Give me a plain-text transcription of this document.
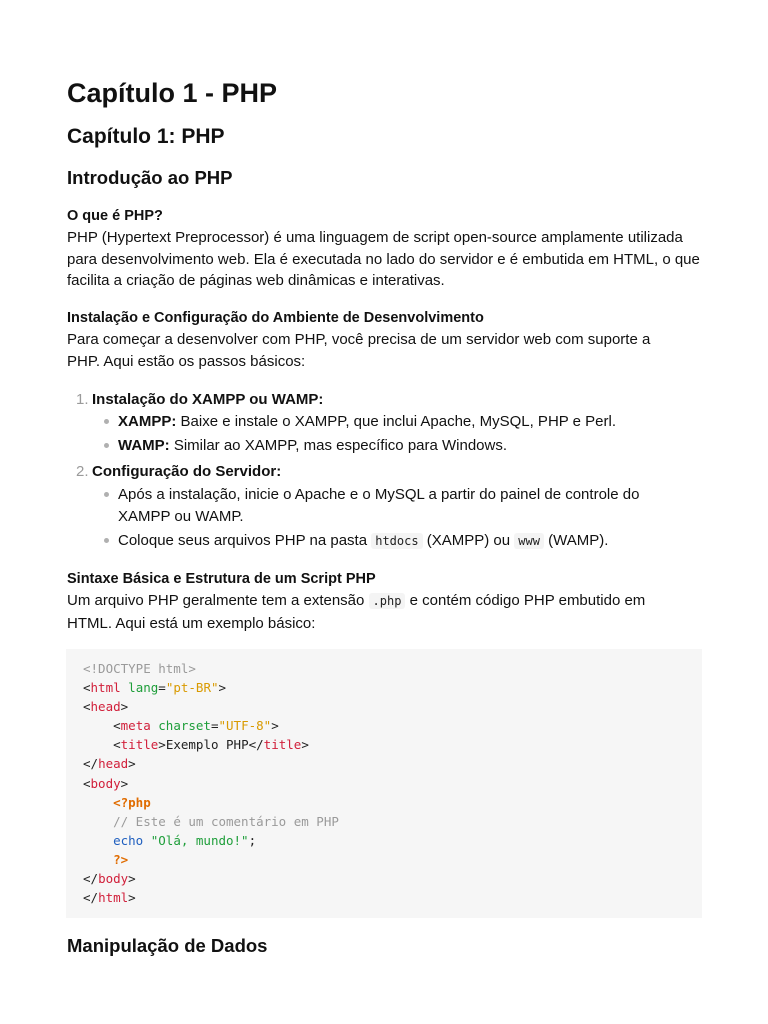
Capítulo 1 - PHP
Capítulo 1: PHP
Introdução ao PHP
O que é PHP?
PHP (Hypertext Preprocessor) é uma linguagem de script open-source amplamente utilizada para desenvolvimento web. Ela é executada no lado do servidor e é embutida em HTML, o que facilita a criação de páginas web dinâmicas e interativas.
Instalação e Configuração do Ambiente de Desenvolvimento
Para começar a desenvolver com PHP, você precisa de um servidor web com suporte a PHP. Aqui estão os passos básicos:
1. Instalação do XAMPP ou WAMP:
XAMPP: Baixe e instale o XAMPP, que inclui Apache, MySQL, PHP e Perl.
WAMP: Similar ao XAMPP, mas específico para Windows.
2. Configuração do Servidor:
Após a instalação, inicie o Apache e o MySQL a partir do painel de controle do XAMPP ou WAMP.
Coloque seus arquivos PHP na pasta htdocs (XAMPP) ou www (WAMP).
Sintaxe Básica e Estrutura de um Script PHP
Um arquivo PHP geralmente tem a extensão .php e contém código PHP embutido em HTML. Aqui está um exemplo básico:
<!DOCTYPE html>
<html lang="pt-BR">
<head>
<meta charset="UTF-8">
<title>Exemplo PHP</title>
</head>
<body>
<?php
// Este é um comentário em PHP
echo "Olá, mundo!";
?>
</body>
</html>
Manipulação de Dados
